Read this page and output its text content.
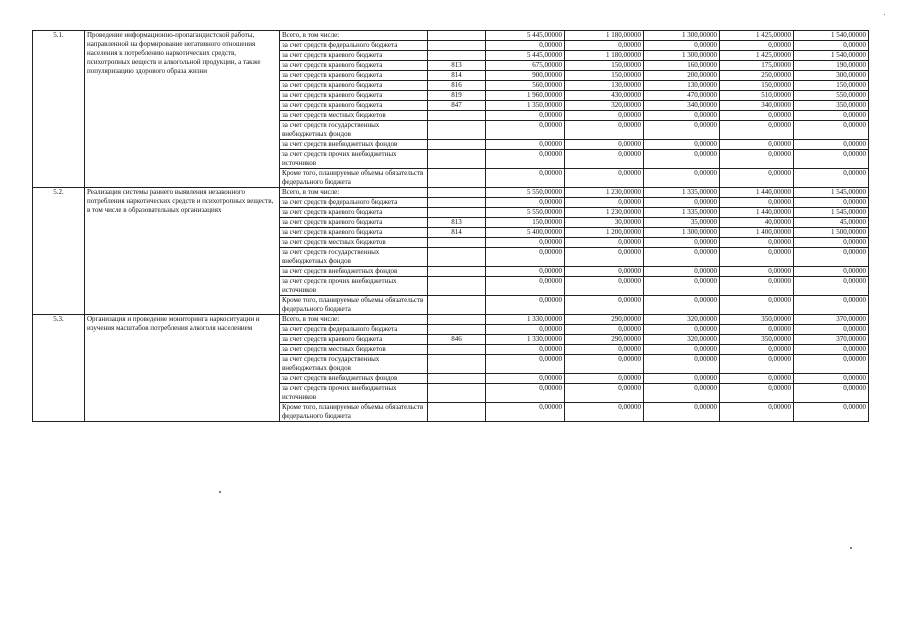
5.1.	Проведение информационно-пропагандистской работы, направленной на формирование негативного отношения населения к потреблению наркотических средств, психотропных веществ и алкогольной продукции, а также популяризацию здорового образа жизни	Всего, в том числе:		5 445,00000	1 180,00000	1 300,00000	1 425,00000	1 540,00000
		за счет средств федерального бюджета		0,00000	0,00000	0,00000	0,00000	0,00000
		за счет средств краевого бюджета		5 445,00000	1 180,00000	1 300,00000	1 425,00000	1 540,00000
		за счет средств краевого бюджета	813	675,00000	150,00000	160,00000	175,00000	190,00000
		за счет средств краевого бюджета	814	900,00000	150,00000	200,00000	250,00000	300,00000
		за счет средств краевого бюджета	816	560,00000	130,00000	130,00000	150,00000	150,00000
		за счет средств краевого бюджета	819	1 960,00000	430,00000	470,00000	510,00000	550,00000
		за счет средств краевого бюджета	847	1 350,00000	320,00000	340,00000	340,00000	350,00000
		за счет средств местных бюджетов		0,00000	0,00000	0,00000	0,00000	0,00000
		за счет средств государственных внебюджетных фондов		0,00000	0,00000	0,00000	0,00000	0,00000
		за счет средств внебюджетных фондов		0,00000	0,00000	0,00000	0,00000	0,00000
		за счет средств прочих внебюджетных источников		0,00000	0,00000	0,00000	0,00000	0,00000
		Кроме того, планируемые объемы обязательств федерального бюджета		0,00000	0,00000	0,00000	0,00000	0,00000
5.2.	Реализация системы раннего выявления незаконного потребления наркотических средств и психотропных веществ, в том числе в образовательных организациях	Всего, в том числе:		5 550,00000	1 230,00000	1 335,00000	1 440,00000	1 545,00000
		за счет средств федерального бюджета		0,00000	0,00000	0,00000	0,00000	0,00000
		за счет средств краевого бюджета		5 550,00000	1 230,00000	1 335,00000	1 440,00000	1 545,00000
		за счет средств краевого бюджета	813	150,00000	30,00000	35,00000	40,00000	45,00000
		за счет средств краевого бюджета	814	5 400,00000	1 200,00000	1 300,00000	1 400,00000	1 500,00000
		за счет средств местных бюджетов		0,00000	0,00000	0,00000	0,00000	0,00000
		за счет средств государственных внебюджетных фондов		0,00000	0,00000	0,00000	0,00000	0,00000
		за счет средств внебюджетных фондов		0,00000	0,00000	0,00000	0,00000	0,00000
		за счет средств прочих внебюджетных источников		0,00000	0,00000	0,00000	0,00000	0,00000
		Кроме того, планируемые объемы обязательств федерального бюджета		0,00000	0,00000	0,00000	0,00000	0,00000
5.3.	Организация и проведение мониторинга наркоситуации и изучения масштабов потребления алкоголя населением	Всего, в том числе:		1 330,00000	290,00000	320,00000	350,00000	370,00000
		за счет средств федерального бюджета		0,00000	0,00000	0,00000	0,00000	0,00000
		за счет средств краевого бюджета	846	1 330,00000	290,00000	320,00000	350,00000	370,00000
		за счет средств местных бюджетов		0,00000	0,00000	0,00000	0,00000	0,00000
		за счет средств государственных внебюджетных фондов		0,00000	0,00000	0,00000	0,00000	0,00000
		за счет средств внебюджетных фондов		0,00000	0,00000	0,00000	0,00000	0,00000
		за счет средств прочих внебюджетных источников		0,00000	0,00000	0,00000	0,00000	0,00000
		Кроме того, планируемые объемы обязательств федерального бюджета		0,00000	0,00000	0,00000	0,00000	0,00000
